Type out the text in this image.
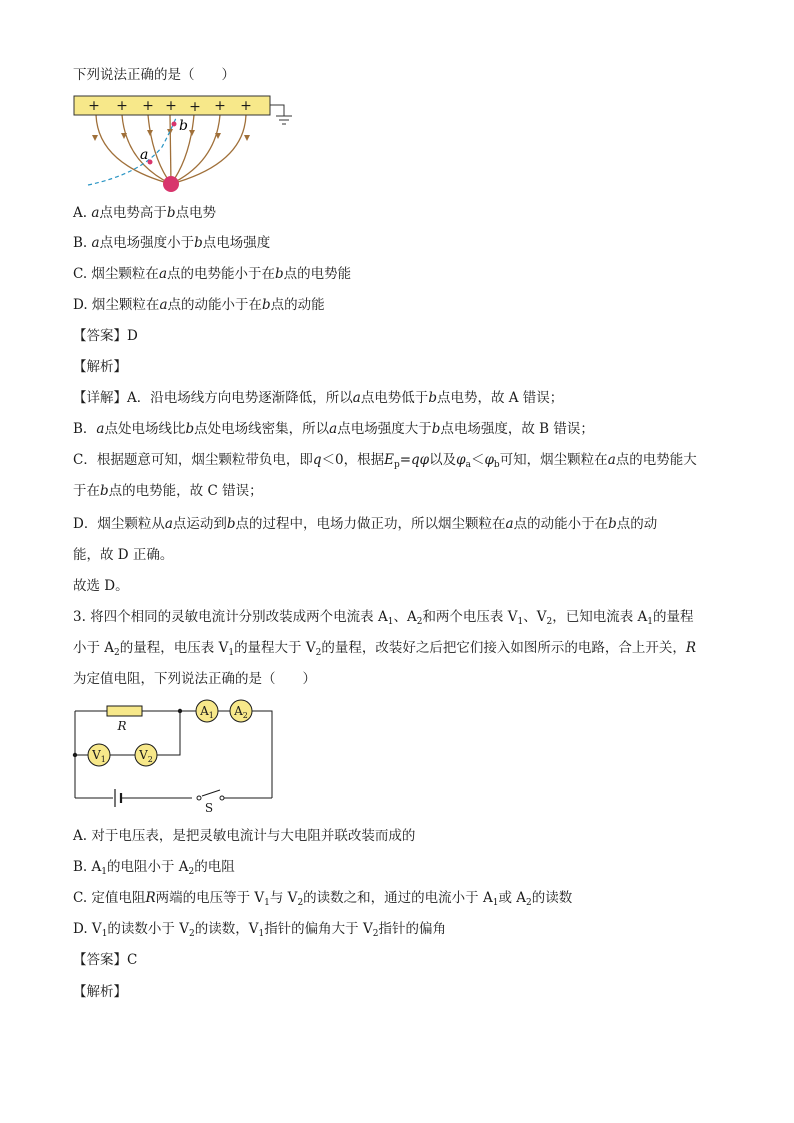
下列说法正确的是（　　）
+ + + + + + +
a
b
A. a点电势高于b点电势
B. a点电场强度小于b点电场强度
C. 烟尘颗粒在a点的电势能小于在b点的电势能
D. 烟尘颗粒在a点的动能小于在b点的动能
【答案】D
【解析】
【详解】A．沿电场线方向电势逐渐降低，所以a点电势低于b点电势，故 A 错误；
B．a点处电场线比b点处电场线密集，所以a点电场强度大于b点电场强度，故 B 错误；
C．根据题意可知，烟尘颗粒带负电，即q＜0，根据$E_p=q\varphi$以及$\varphi_a<\varphi_b$可知，烟尘颗粒在a点的电势能大
于在b点的电势能，故 C 错误；
D．烟尘颗粒从a点运动到b点的过程中，电场力做正功，所以烟尘颗粒在a点的动能小于在b点的动
能，故 D 正确。
故选 D。
3. 将四个相同的灵敏电流计分别改装成两个电流表 $A_1$、$A_2$和两个电压表 $V_1$、$V_2$，已知电流表 $A_1$的量程
小于 $A_2$的量程，电压表 $V_1$的量程大于 $V_2$的量程，改装好之后把它们接入如图所示的电路，合上开关，R
为定值电阻，下列说法正确的是（　　）
$A_1$ $A_2$
$V_1$	$V_2$
R
S
A. 对于电压表，是把灵敏电流计与大电阻并联改装而成的
B. $A_1$的电阻小于 $A_2$的电阻
C. 定值电阻R两端的电压等于 $V_1$与 $V_2$的读数之和，通过的电流小于 $A_1$或 $A_2$的读数
D. $V_1$的读数小于 $V_2$的读数，$V_1$指针的偏角大于 $V_2$指针的偏角
【答案】C
【解析】
